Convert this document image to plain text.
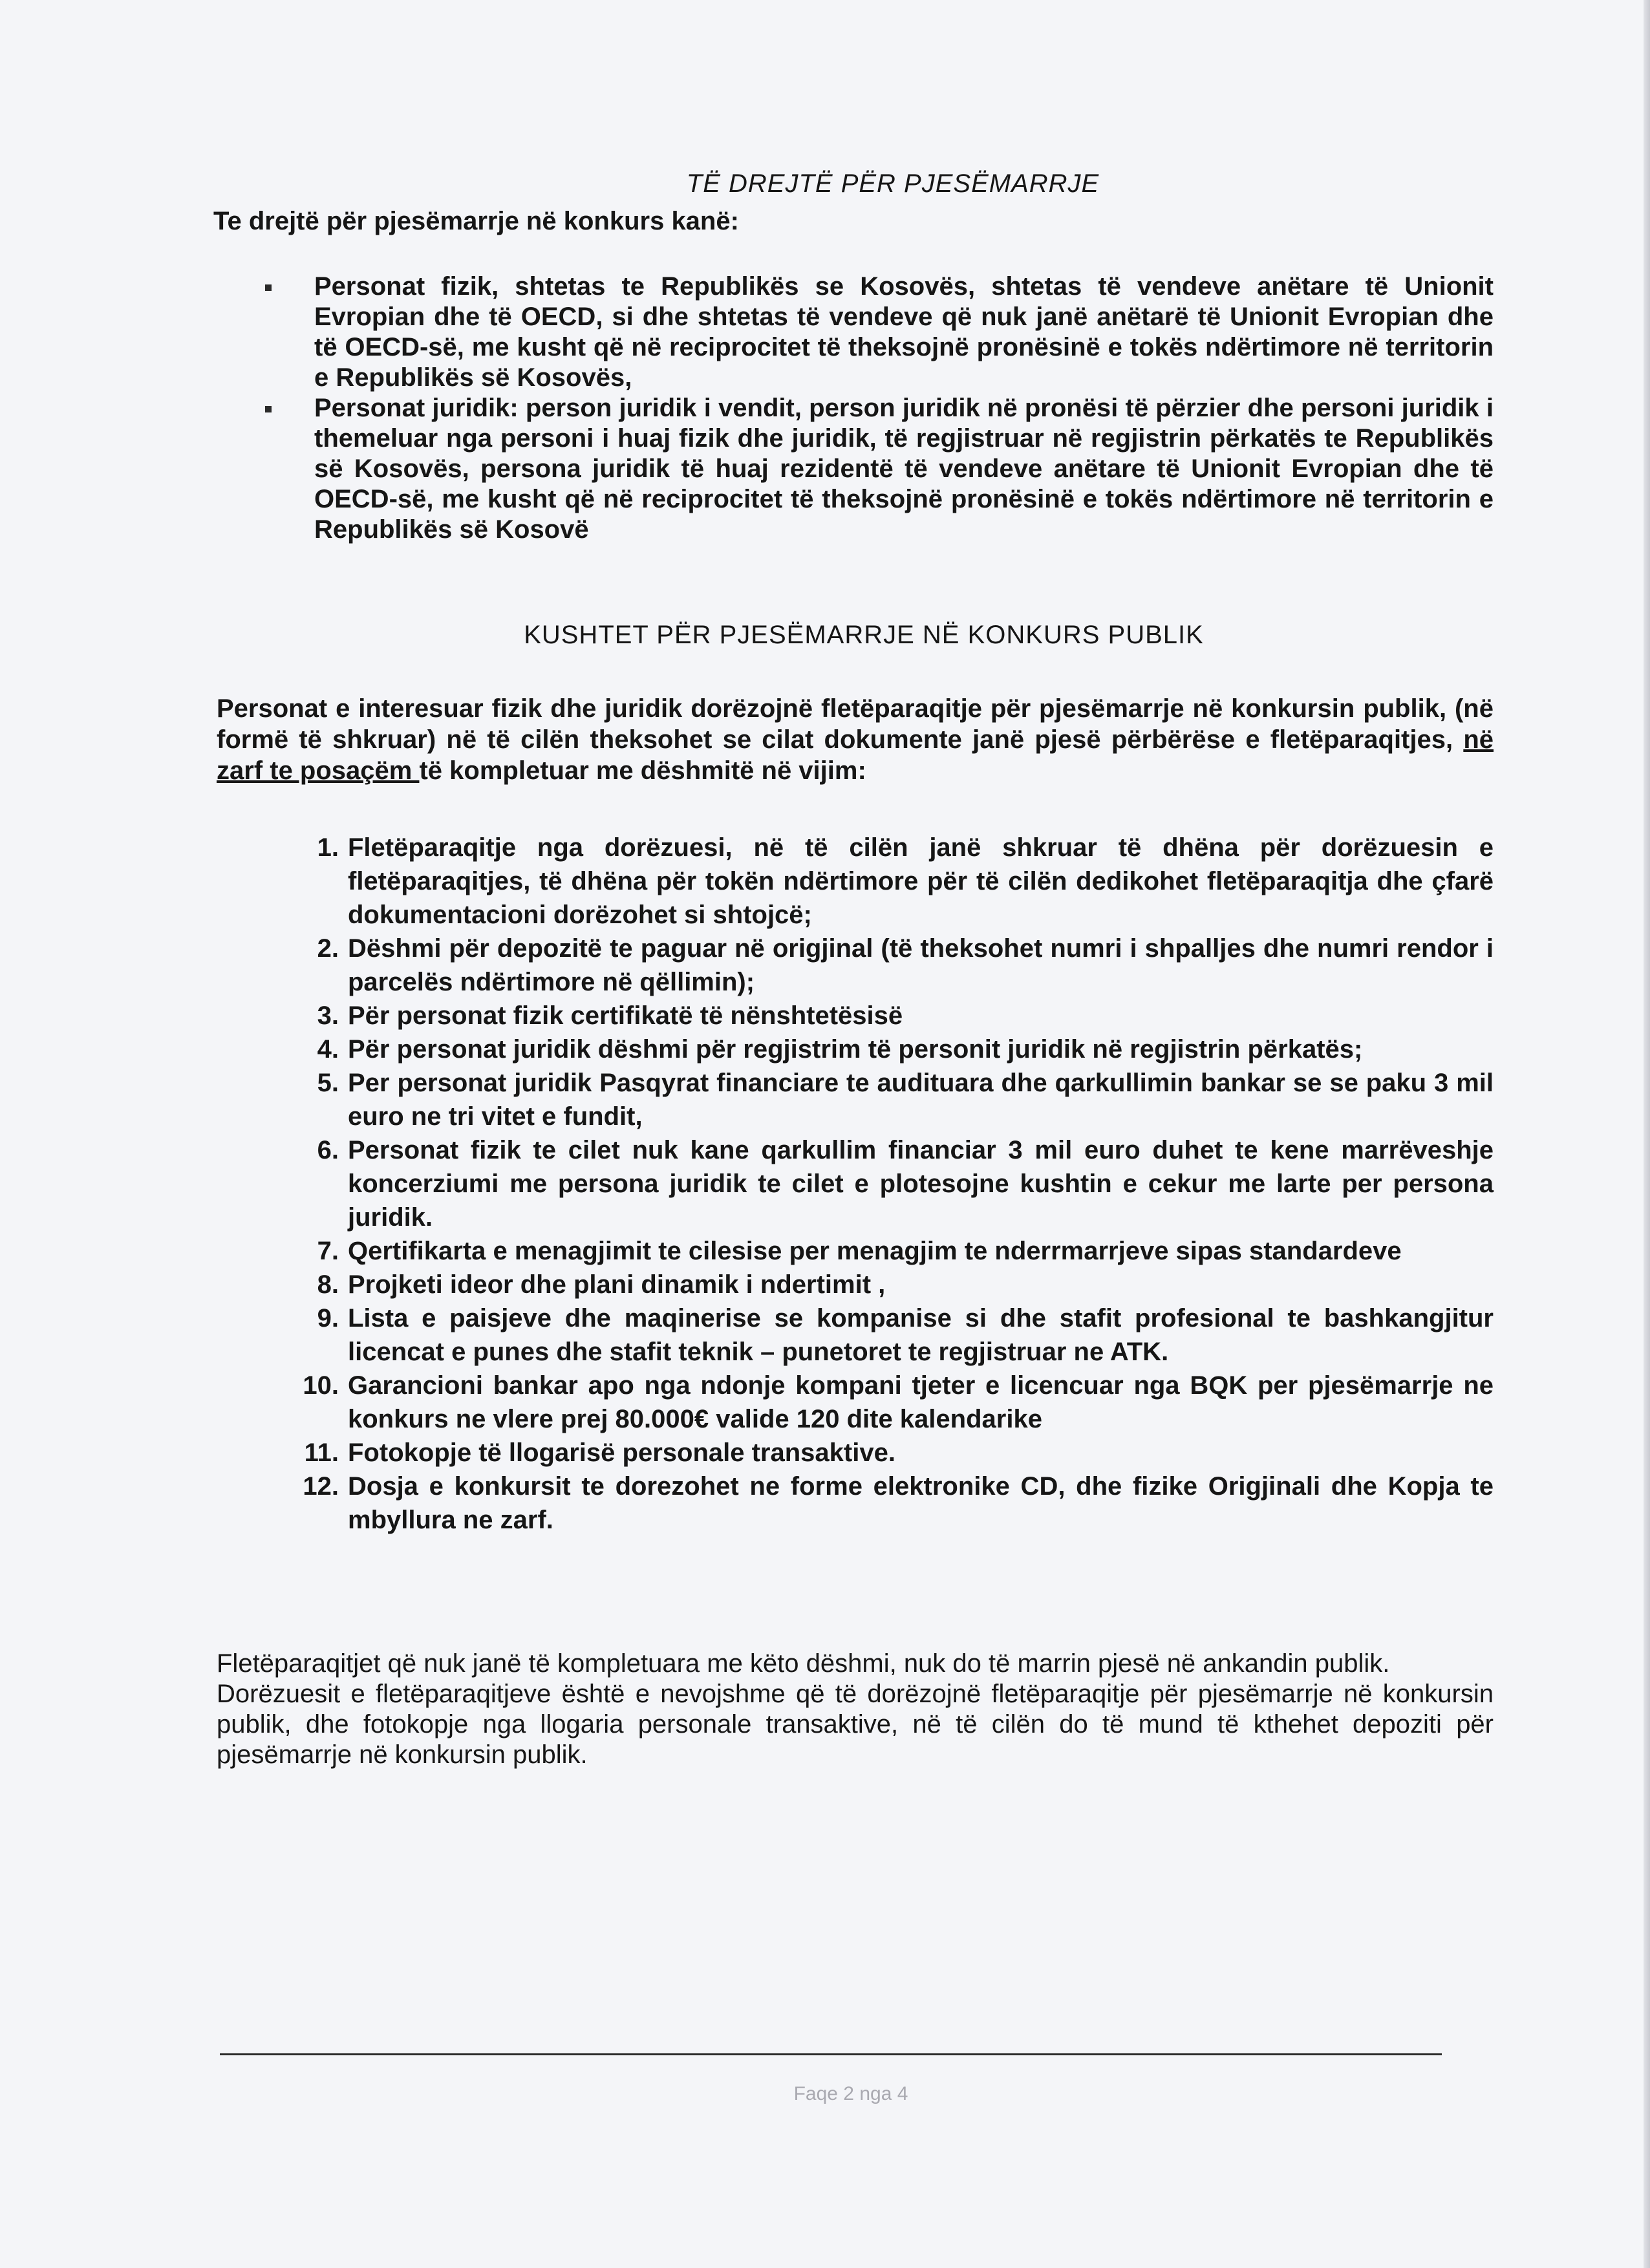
TË DREJTË PËR PJESËMARRJE
Te drejtë për pjesëmarrje në konkurs kanë:
Personat fizik, shtetas te Republikës se Kosovës, shtetas të vendeve anëtare të Unionit Evropian dhe të OECD, si dhe shtetas të vendeve që nuk janë anëtarë të Unionit Evropian dhe të OECD-së, me kusht që në reciprocitet të theksojnë pronësinë e tokës ndërtimore në territorin e Republikës së Kosovës,
Personat juridik: person juridik i vendit, person juridik në pronësi të përzier dhe personi juridik i themeluar nga personi i huaj fizik dhe juridik, të regjistruar në regjistrin përkatës te Republikës së Kosovës, persona juridik të huaj rezidentë të vendeve anëtare të Unionit Evropian dhe të OECD-së, me kusht që në reciprocitet të theksojnë pronësinë e tokës ndërtimore në territorin e Republikës së Kosovë
KUSHTET PËR PJESËMARRJE NË KONKURS PUBLIK
Personat e interesuar fizik dhe juridik dorëzojnë fletëparaqitje për pjesëmarrje në konkursin publik, (në formë të shkruar) në të cilën theksohet se cilat dokumente janë pjesë përbërëse e fletëparaqitjes, në zarf te posaçëm të kompletuar me dëshmitë në vijim:
1. Fletëparaqitje nga dorëzuesi, në të cilën janë shkruar të dhëna për dorëzuesin e fletëparaqitjes, të dhëna për tokën ndërtimore për të cilën dedikohet fletëparaqitja dhe çfarë dokumentacioni dorëzohet si shtojcë;
2. Dëshmi për depozitë te paguar në origjinal (të theksohet numri i shpalljes dhe numri rendor i parcelës ndërtimore në qëllimin);
3. Për personat fizik certifikatë të nënshtetësisë
4. Për personat juridik dëshmi për regjistrim të personit juridik në regjistrin përkatës;
5. Per personat juridik Pasqyrat financiare te audituara dhe qarkullimin bankar se se paku 3 mil euro ne tri vitet e fundit,
6. Personat fizik te cilet nuk kane qarkullim financiar 3 mil euro duhet te kene marrëveshje koncerziumi me persona juridik te cilet e plotesojne kushtin e cekur me larte per persona juridik.
7. Qertifikarta e menagjimit te cilesise per menagjim te nderrmarrjeve sipas standardeve
8. Projketi ideor dhe plani dinamik i ndertimit ,
9. Lista e paisjeve dhe maqinerise se kompanise si dhe stafit profesional te bashkangjitur licencat e punes dhe stafit teknik – punetoret te regjistruar ne ATK.
10. Garancioni bankar apo nga ndonje kompani tjeter e licencuar nga BQK per pjesëmarrje ne konkurs ne vlere prej 80.000€ valide 120 dite kalendarike
11. Fotokopje të llogarisë personale transaktive.
12. Dosja e konkursit te dorezohet ne forme elektronike CD, dhe fizike Origjinali dhe Kopja te mbyllura ne zarf.

Fletëparaqitjet që nuk janë të kompletuara me këto dëshmi, nuk do të marrin pjesë në ankandin publik.

Dorëzuesit e fletëparaqitjeve është e nevojshme që të dorëzojnë fletëparaqitje për pjesëmarrje në konkursin publik, dhe fotokopje nga llogaria personale transaktive, në të cilën do të mund të kthehet depoziti për pjesëmarrje në konkursin publik.

Faqe 2 nga 4
